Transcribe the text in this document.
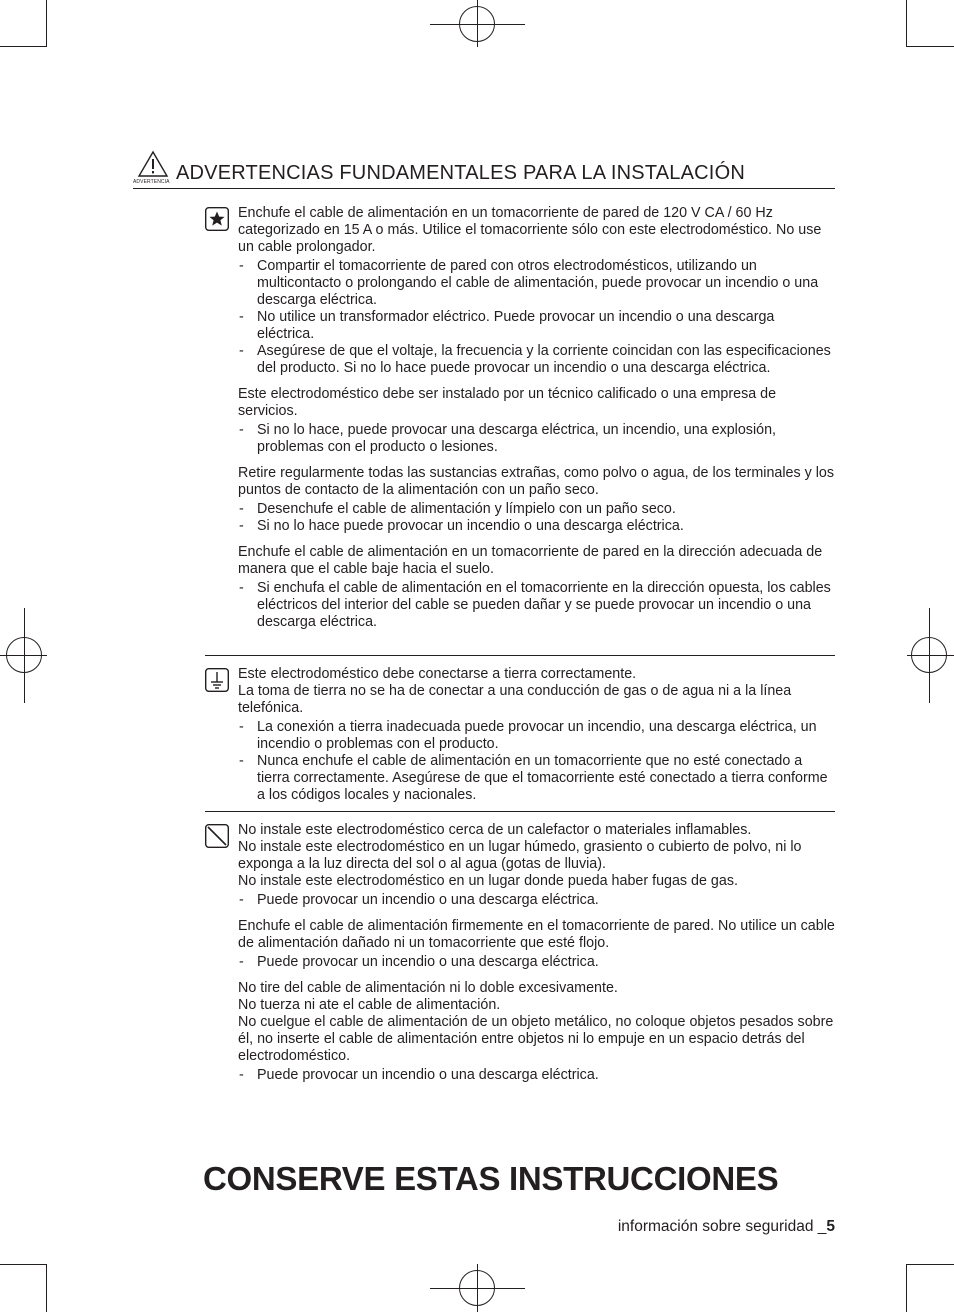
ADVERTENCIA ADVERTENCIAS FUNDAMENTALES PARA LA INSTALACIÓN

Enchufe el cable de alimentación en un tomacorriente de pared de 120 V CA / 60 Hz categorizado en 15 A o más. Utilice el tomacorriente sólo con este electrodoméstico. No use un cable prolongador.

- Compartir el tomacorriente de pared con otros electrodomésticos, utilizando un multicontacto o prolongando el cable de alimentación, puede provocar un incendio o una descarga eléctrica.
- No utilice un transformador eléctrico. Puede provocar un incendio o una descarga eléctrica.
- Asegúrese de que el voltaje, la frecuencia y la corriente coincidan con las especificaciones del producto. Si no lo hace puede provocar un incendio o una descarga eléctrica.

Este electrodoméstico debe ser instalado por un técnico calificado o una empresa de servicios.

- Si no lo hace, puede provocar una descarga eléctrica, un incendio, una explosión, problemas con el producto o lesiones.

Retire regularmente todas las sustancias extrañas, como polvo o agua, de los terminales y los puntos de contacto de la alimentación con un paño seco.

- Desenchufe el cable de alimentación y límpielo con un paño seco.
- Si no lo hace puede provocar un incendio o una descarga eléctrica.

Enchufe el cable de alimentación en un tomacorriente de pared en la dirección adecuada de manera que el cable baje hacia el suelo.

- Si enchufa el cable de alimentación en el tomacorriente en la dirección opuesta, los cables eléctricos del interior del cable se pueden dañar y se puede provocar un incendio o una descarga eléctrica.

Este electrodoméstico debe conectarse a tierra correctamente.

La toma de tierra no se ha de conectar a una conducción de gas o de agua ni a la línea telefónica.

- La conexión a tierra inadecuada puede provocar un incendio, una descarga eléctrica, un incendio o problemas con el producto.
- Nunca enchufe el cable de alimentación en un tomacorriente que no esté conectado a tierra correctamente. Asegúrese de que el tomacorriente esté conectado a tierra conforme a los códigos locales y nacionales.

No instale este electrodoméstico cerca de un calefactor o materiales inflamables.

No instale este electrodoméstico en un lugar húmedo, grasiento o cubierto de polvo, ni lo exponga a la luz directa del sol o al agua (gotas de lluvia).

No instale este electrodoméstico en un lugar donde pueda haber fugas de gas.

- Puede provocar un incendio o una descarga eléctrica.

Enchufe el cable de alimentación firmemente en el tomacorriente de pared. No utilice un cable de alimentación dañado ni un tomacorriente que esté flojo.

- Puede provocar un incendio o una descarga eléctrica.

No tire del cable de alimentación ni lo doble excesivamente.

No tuerza ni ate el cable de alimentación.

No cuelgue el cable de alimentación de un objeto metálico, no coloque objetos pesados sobre él, no inserte el cable de alimentación entre objetos ni lo empuje en un espacio detrás del electrodoméstico.

- Puede provocar un incendio o una descarga eléctrica.
CONSERVE ESTAS INSTRUCCIONES
información sobre seguridad _5
